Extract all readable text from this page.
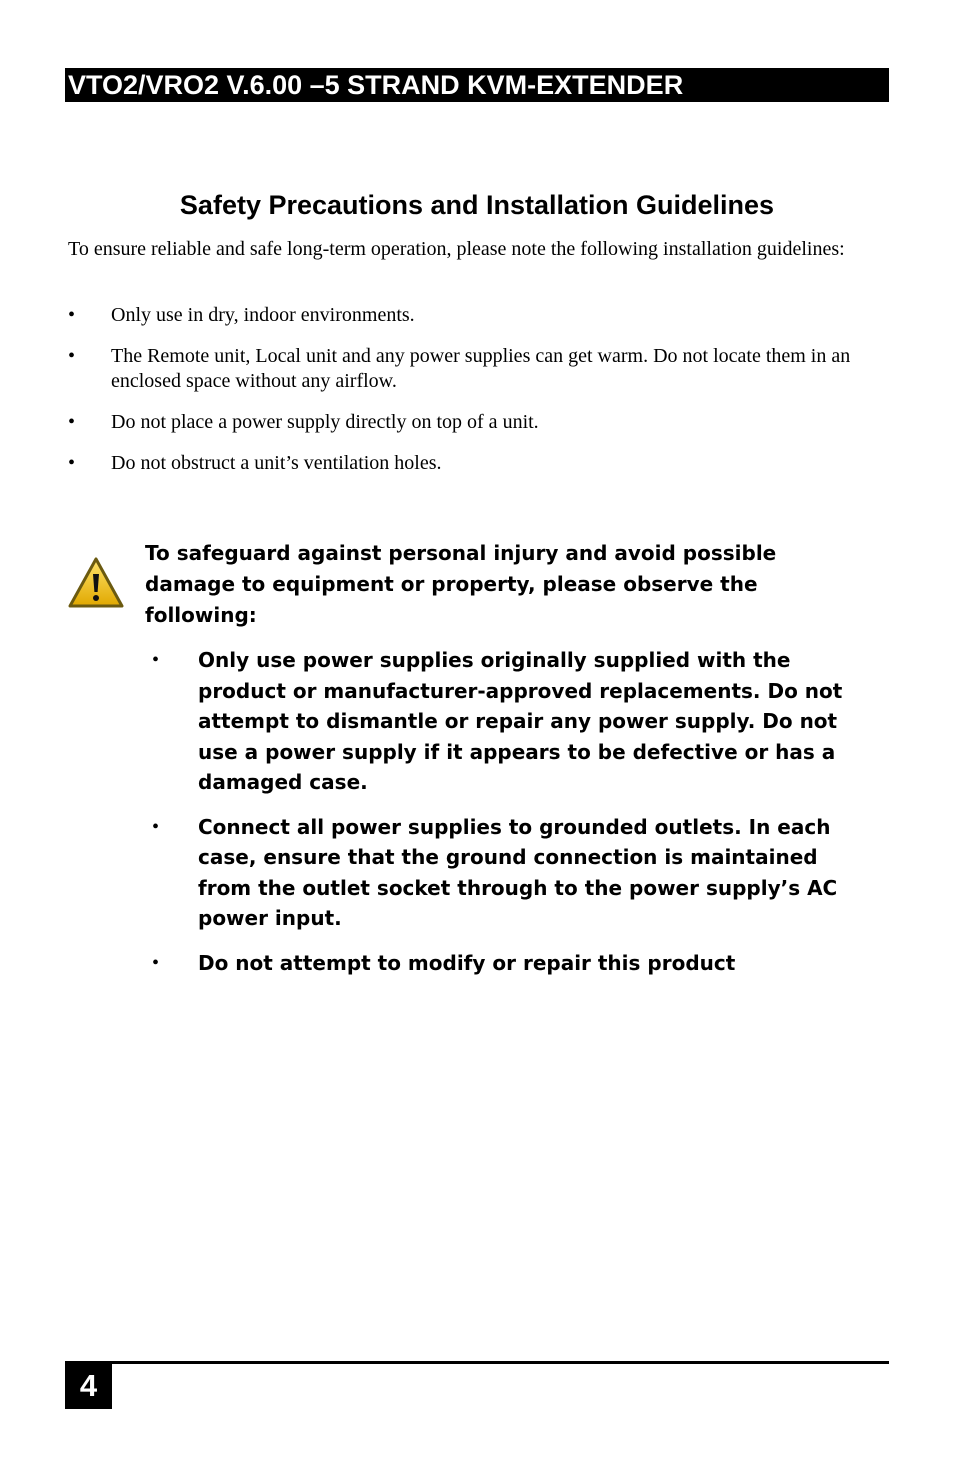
VTO2/VRO2 V.6.00 –5 STRAND KVM-EXTENDER
Safety Precautions and Installation Guidelines
To ensure reliable and safe long-term operation, please note the following installation guidelines:
•	Only use in dry, indoor environments.
•	The Remote unit, Local unit and any power supplies can get warm. Do not locate them in an enclosed space without any airflow.
•	Do not place a power supply directly on top of a unit.
•	Do not obstruct a unit’s ventilation holes.
To safeguard against personal injury and avoid possible damage to equipment or property, please observe the following:
•	Only use power supplies originally supplied with the product or manufacturer-approved replacements. Do not attempt to dismantle or repair any power supply. Do not use a power supply if it appears to be defective or has a damaged case.
•	Connect all power supplies to grounded outlets. In each case, ensure that the ground connection is maintained from the outlet socket through to the power supply’s AC power input.
•	Do not attempt to modify or repair this product
4
